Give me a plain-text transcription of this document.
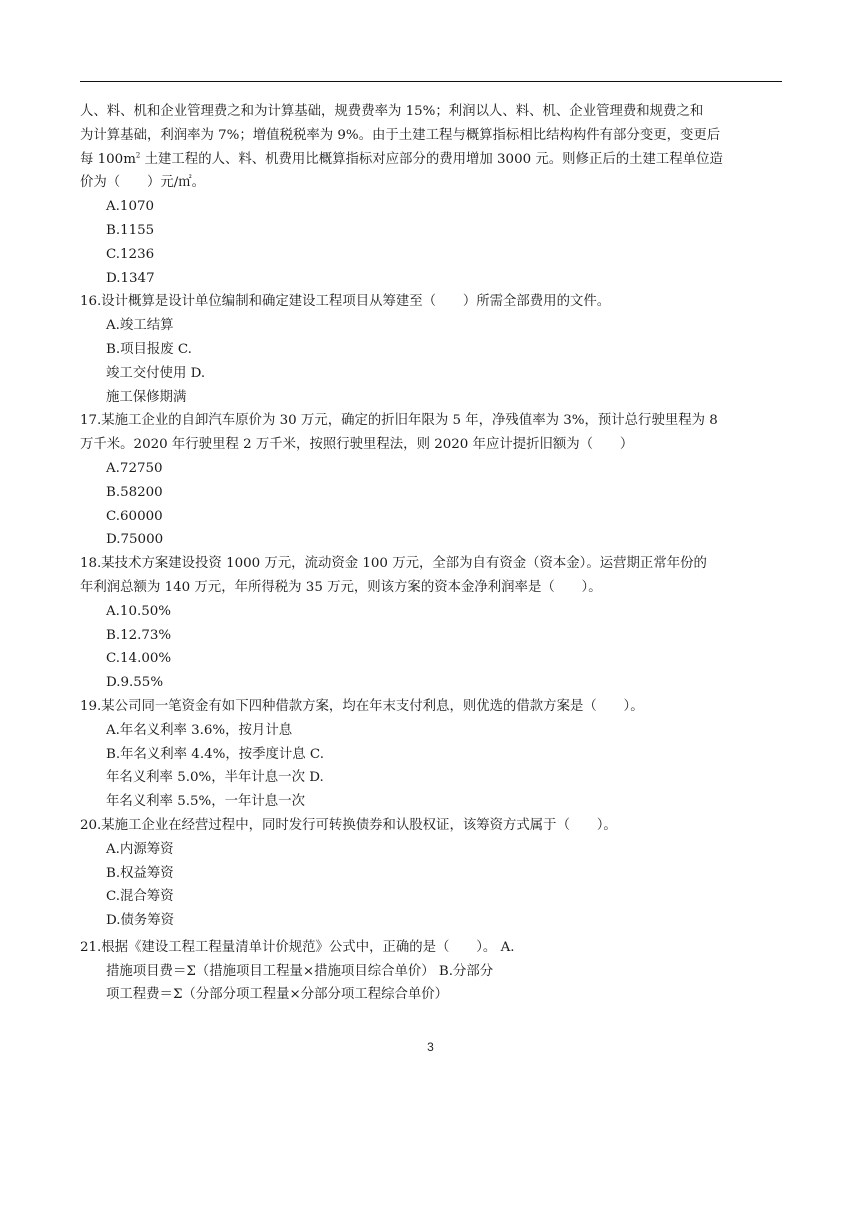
人、料、机和企业管理费之和为计算基础，规费费率为 15%；利润以人、料、机、企业管理费和规费之和

为计算基础，利润率为 7%；增值税税率为 9%。由于土建工程与概算指标相比结构构件有部分变更，变更后

每 $100m^2$ 土建工程的人、料、机费用比概算指标对应部分的费用增加 3000 元。则修正后的土建工程单位造

价为（　　）元/㎡。

A.1070

B.1155

C.1236

D.1347

16.设计概算是设计单位编制和确定建设工程项目从筹建至（　　）所需全部费用的文件。

A.竣工结算

B.项目报废 C.

竣工交付使用 D.

施工保修期满

17.某施工企业的自卸汽车原价为 30 万元，确定的折旧年限为 5 年，净残值率为 3%，预计总行驶里程为 8

万千米。2020 年行驶里程 2 万千米，按照行驶里程法，则 2020 年应计提折旧额为（　　）

A.72750

B.58200

C.60000

D.75000

18.某技术方案建设投资 1000 万元，流动资金 100 万元，全部为自有资金（资本金）。运营期正常年份的

年利润总额为 140 万元，年所得税为 35 万元，则该方案的资本金净利润率是（　　）。

A.10.50%

B.12.73%

C.14.00%

D.9.55%

19.某公司同一笔资金有如下四种借款方案，均在年末支付利息，则优选的借款方案是（　　）。

A.年名义利率 3.6%，按月计息

B.年名义利率 4.4%，按季度计息 C.

年名义利率 5.0%，半年计息一次 D.

年名义利率 5.5%，一年计息一次

20.某施工企业在经营过程中，同时发行可转换债券和认股权证，该筹资方式属于（　　）。

A.内源筹资

B.权益筹资

C.混合筹资

D.债务筹资

21.根据《建设工程工程量清单计价规范》公式中，正确的是（　　）。 A.

措施项目费＝Σ（措施项目工程量×措施项目综合单价） B.分部分

项工程费＝Σ（分部分项工程量×分部分项工程综合单价）

3
